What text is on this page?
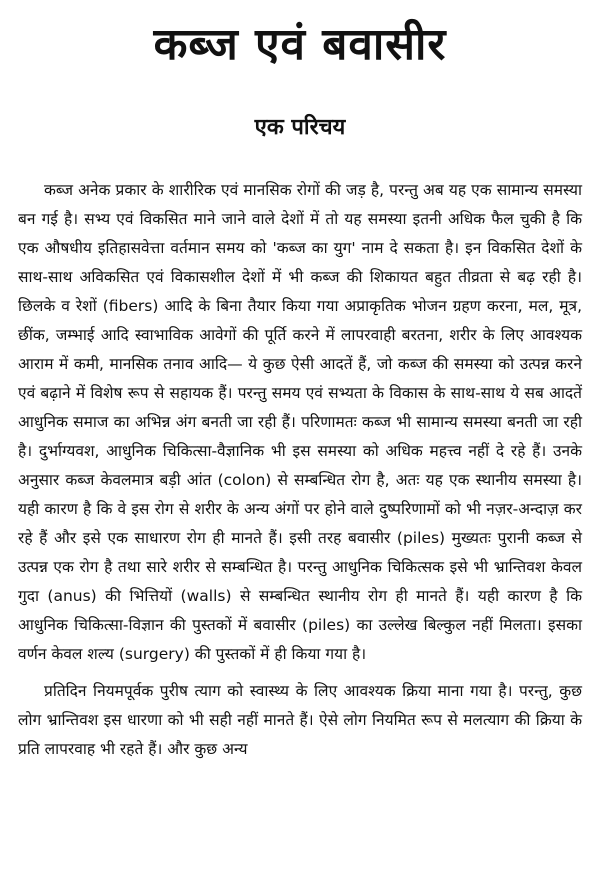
कब्ज एवं बवासीर
एक परिचय

कब्ज अनेक प्रकार के शारीरिक एवं मानसिक रोगों की जड़ है, परन्तु अब यह एक सामान्य समस्या बन गई है। सभ्य एवं विकसित माने जाने वाले देशों में तो यह समस्या इतनी अधिक फैल चुकी है कि एक औषधीय इतिहासवेत्ता वर्तमान समय को 'कब्ज का युग' नाम दे सकता है। इन विकसित देशों के साथ-साथ अविकसित एवं विकासशील देशों में भी कब्ज की शिकायत बहुत तीव्रता से बढ़ रही है। छिलके व रेशों (fibers) आदि के बिना तैयार किया गया अप्राकृतिक भोजन ग्रहण करना, मल, मूत्र, छींक, जम्भाई आदि स्वाभाविक आवेगों की पूर्ति करने में लापरवाही बरतना, शरीर के लिए आवश्यक आराम में कमी, मानसिक तनाव आदि— ये कुछ ऐसी आदतें हैं, जो कब्ज की समस्या को उत्पन्न करने एवं बढ़ाने में विशेष रूप से सहायक हैं। परन्तु समय एवं सभ्यता के विकास के साथ-साथ ये सब आदतें आधुनिक समाज का अभिन्न अंग बनती जा रही हैं। परिणामतः कब्ज भी सामान्य समस्या बनती जा रही है। दुर्भाग्यवश, आधुनिक चिकित्सा-वैज्ञानिक भी इस समस्या को अधिक महत्त्व नहीं दे रहे हैं। उनके अनुसार कब्ज केवलमात्र बड़ी आंत (colon) से सम्बन्धित रोग है, अतः यह एक स्थानीय समस्या है। यही कारण है कि वे इस रोग से शरीर के अन्य अंगों पर होने वाले दुष्परिणामों को भी नज़र-अन्दाज़ कर रहे हैं और इसे एक साधारण रोग ही मानते हैं। इसी तरह बवासीर (piles) मुख्यतः पुरानी कब्ज से उत्पन्न एक रोग है तथा सारे शरीर से सम्बन्धित है। परन्तु आधुनिक चिकित्सक इसे भी भ्रान्तिवश केवल गुदा (anus) की भित्तियों (walls) से सम्बन्धित स्थानीय रोग ही मानते हैं। यही कारण है कि आधुनिक चिकित्सा-विज्ञान की पुस्तकों में बवासीर (piles) का उल्लेख बिल्कुल नहीं मिलता। इसका वर्णन केवल शल्य (surgery) की पुस्तकों में ही किया गया है।

प्रतिदिन नियमपूर्वक पुरीष त्याग को स्वास्थ्य के लिए आवश्यक क्रिया माना गया है। परन्तु, कुछ लोग भ्रान्तिवश इस धारणा को भी सही नहीं मानते हैं। ऐसे लोग नियमित रूप से मलत्याग की क्रिया के प्रति लापरवाह भी रहते हैं। और कुछ अन्य
